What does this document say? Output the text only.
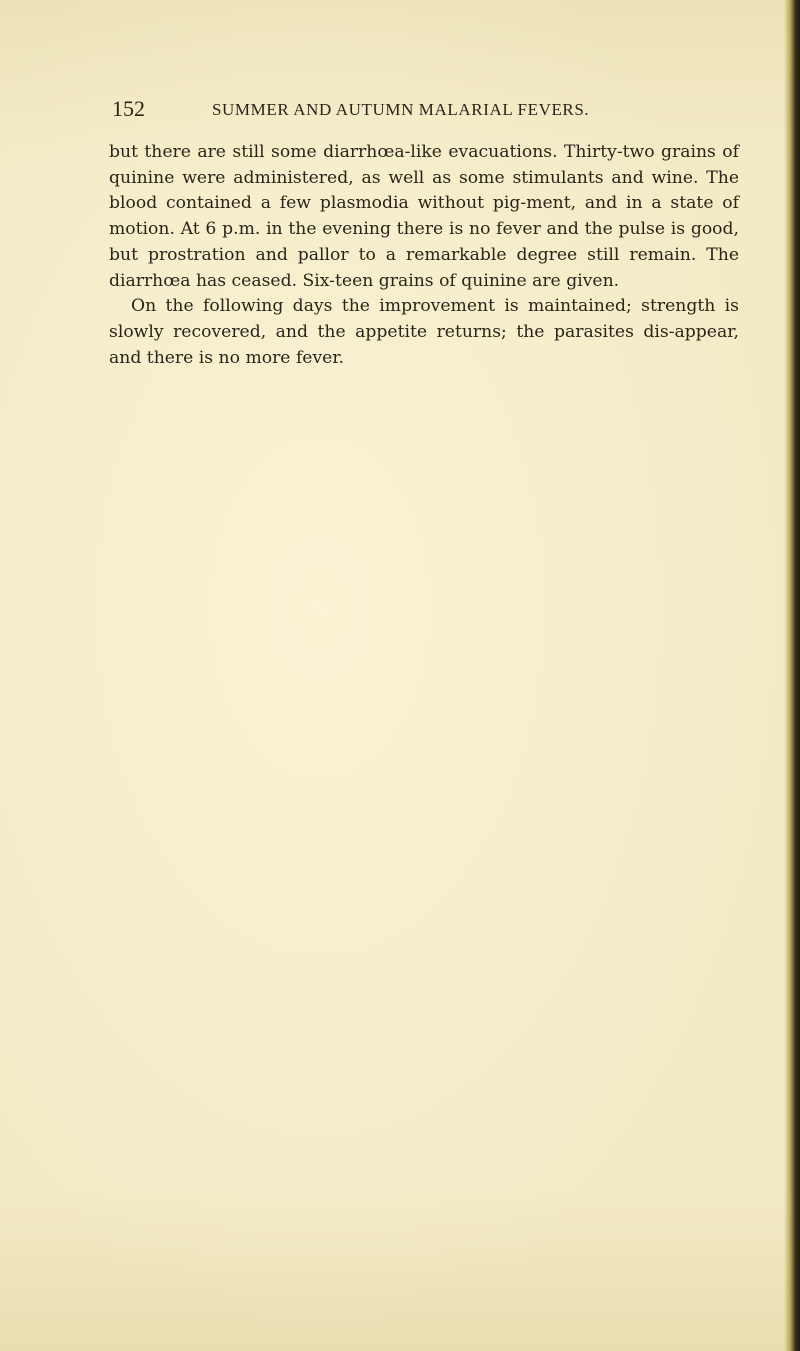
152	SUMMER AND AUTUMN MALARIAL FEVERS.

but there are still some diarrhœa-like evacuations. Thirty-two grains of quinine were administered, as well as some stimulants and wine. The blood contained a few plasmodia without pig-ment, and in a state of motion. At 6 p.m. in the evening there is no fever and the pulse is good, but prostration and pallor to a remarkable degree still remain. The diarrhœa has ceased. Six-teen grains of quinine are given.

On the following days the improvement is maintained; strength is slowly recovered, and the appetite returns; the parasites dis-appear, and there is no more fever.
